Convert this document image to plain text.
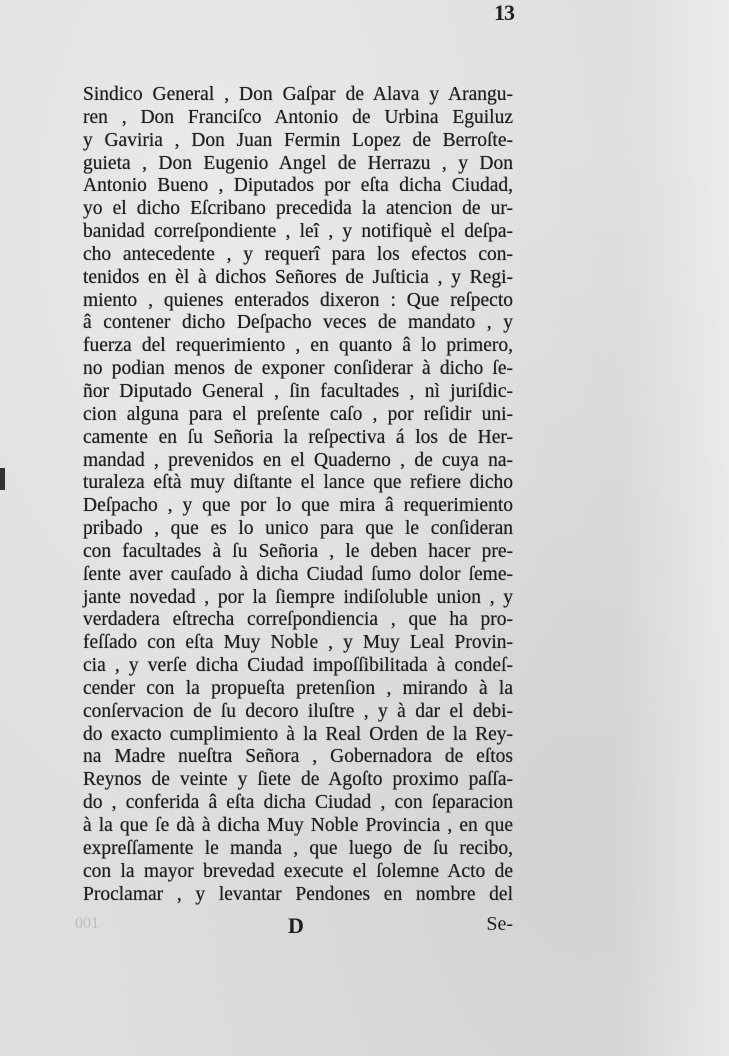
13
Sindico General , Don Gaſpar de Alava y Arangu-
ren , Don Franciſco Antonio de Urbina Eguiluz
y Gaviria , Don Juan Fermin Lopez de Berroſte-
guieta , Don Eugenio Angel de Herrazu , y Don
Antonio Bueno , Diputados por eſta dicha Ciudad,
yo el dicho Eſcribano precedida la atencion de ur-
banidad correſpondiente , leî , y notifiquè el deſpa-
cho antecedente , y requerî para los efectos con-
tenidos en èl à dichos Señores de Juſticia , y Regi-
miento , quienes enterados dixeron : Que reſpecto
â contener dicho Deſpacho veces de mandato , y
fuerza del requerimiento , en quanto â lo primero,
no podian menos de exponer conſiderar à dicho ſe-
ñor Diputado General , ſin facultades , nì juriſdic-
cion alguna para el preſente caſo , por reſidir uni-
camente en ſu Señoria la reſpectiva á los de Her-
mandad , prevenidos en el Quaderno , de cuya na-
turaleza eſtà muy diſtante el lance que refiere dicho
Deſpacho , y que por lo que mira â requerimiento
pribado , que es lo unico para que le conſideran
con facultades à ſu Señoria , le deben hacer pre-
ſente aver cauſado à dicha Ciudad ſumo dolor ſeme-
jante novedad , por la ſiempre indiſoluble union , y
verdadera eſtrecha correſpondiencia , que ha pro-
feſſado con eſta Muy Noble , y Muy Leal Provin-
cia , y verſe dicha Ciudad impoſſibilitada à condeſ-
cender con la propueſta pretenſion , mirando à la
conſervacion de ſu decoro iluſtre , y à dar el debi-
do exacto cumplimiento à la Real Orden de la Rey-
na Madre nueſtra Señora , Gobernadora de eſtos
Reynos de veinte y ſiete de Agoſto proximo paſſa-
do , conferida â eſta dicha Ciudad , con ſeparacion
à la que ſe dà à dicha Muy Noble Provincia , en que
expreſſamente le manda , que luego de ſu recibo,
con la mayor brevedad execute el ſolemne Acto de
Proclamar , y levantar Pendones en nombre del
001	D	Se-
